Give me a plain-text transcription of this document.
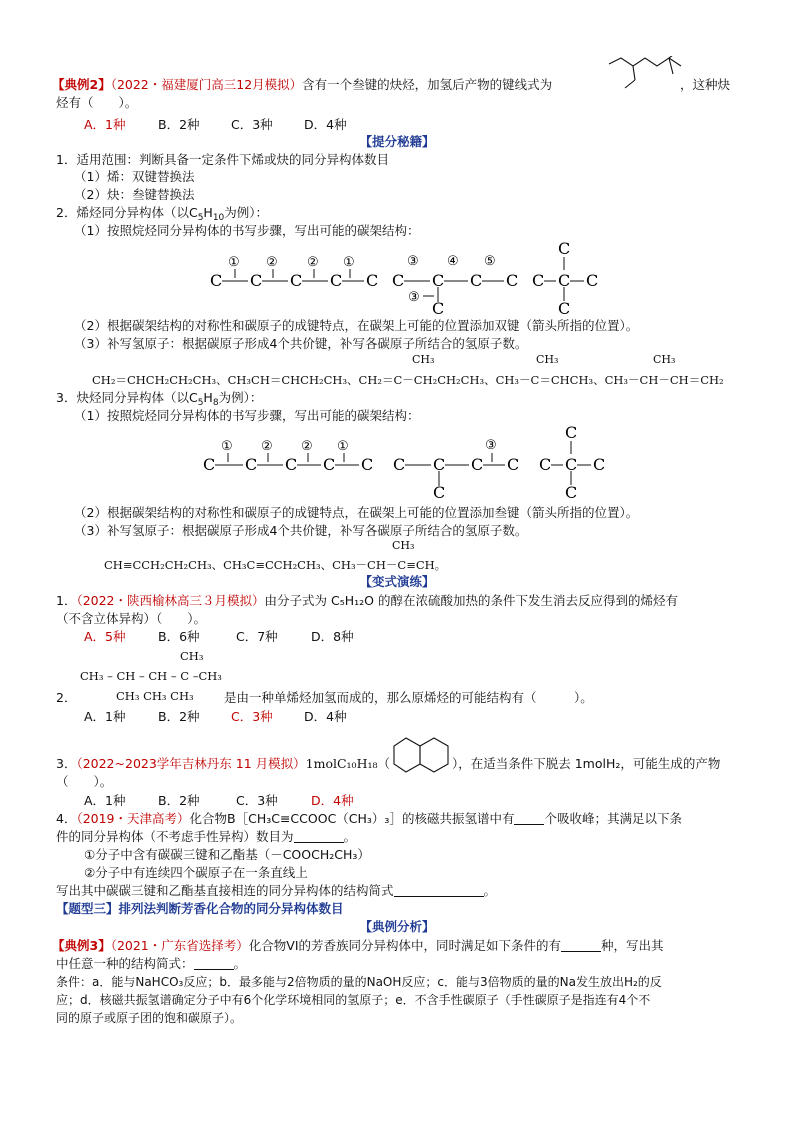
【典例2】（2022・福建厦门高三12月模拟）含有一个叁键的炔烃，加氢后产物的键线式为	，这种炔
烃有（　　）。
A．1种	B．2种	C．3种	D．4种
【提分秘籍】
1．适用范围：判断具备一定条件下烯或炔的同分异构体数目
（1）烯：双键替换法
（2）炔：叁键替换法
2．烯烃同分异构体（以$C_5H_{10}$为例）：
（1）按照烷烃同分异构体的书写步骤，写出可能的碳架结构：
C C C C C
① ② ② ①
C C C C
C
③ ④ ⑤
③
C C C
C
C
（2）根据碳架结构的对称性和碳原子的成键特点，在碳架上可能的位置添加双键（箭头所指的位置）。
（3）补写氢原子：根据碳原子形成4个共价键，补写各碳原子所结合的氢原子数。
CH₃	CH₃	CH₃
CH₂＝CHCH₂CH₂CH₃、CH₃CH＝CHCH₂CH₃、CH₂＝C－CH₂CH₂CH₃、CH₃－C＝CHCH₃、CH₃－CH－CH＝CH₂
3．炔烃同分异构体（以$C_5H_8$为例）：
（1）按照烷烃同分异构体的书写步骤，写出可能的碳架结构：
C C C C C
① ② ② ①
C C C C
C
③
C C C
C
C
（2）根据碳架结构的对称性和碳原子的成键特点，在碳架上可能的位置添加叁键（箭头所指的位置）。
（3）补写氢原子：根据碳原子形成4个共价键，补写各碳原子所结合的氢原子数。
CH₃
CH≡CCH₂CH₂CH₃、CH₃C≡CCH₂CH₃、CH₃－CH－C≡CH。
【变式演练】
1．（2022・陕西榆林高三３月模拟）由分子式为 C₅H₁₂O 的醇在浓硫酸加热的条件下发生消去反应得到的烯烃有
（不含立体异构）（　　）。
A．5种	B．6种	C．7种	D．8种
CH₃
CH₃ – CH – CH – C –CH₃
2．	CH₃ CH₃ CH₃ 是由一种单烯烃加氢而成的，那么原烯烃的可能结构有（　　　）。
A．1种	B．2种	C．3种	D．4种
3．（2022~2023学年吉林丹东 11 月模拟）1molC₁₀H₁₈（	），在适当条件下脱去 1molH₂，可能生成的产物
（　　）。
A．1种	B．2种	C．3种	D．4种
4．（2019・天津高考）化合物B［CH₃C≡CCOOC（CH₃）₃］的核磁共振氢谱中有 个吸收峰；其满足以下条
件的同分异构体（不考虑手性异构）数目为	。
①分子中含有碳碳三键和乙酯基（－COOCH₂CH₃）
②分子中有连续四个碳原子在一条直线上
写出其中碳碳三键和乙酯基直接相连的同分异构体的结构简式	。
【题型三】排列法判断芳香化合物的同分异构体数目
【典例分析】
【典例3】（2021・广东省选择考）化合物VI的芳香族同分异构体中，同时满足如下条件的有	种，写出其
中任意一种的结构简式：	。
条件：a．能与NaHCO₃反应；b．最多能与2倍物质的量的NaOH反应；c．能与3倍物质的量的Na发生放出H₂的反
应；d．核磁共振氢谱确定分子中有6个化学环境相同的氢原子；e．不含手性碳原子（手性碳原子是指连有4个不
同的原子或原子团的饱和碳原子）。
